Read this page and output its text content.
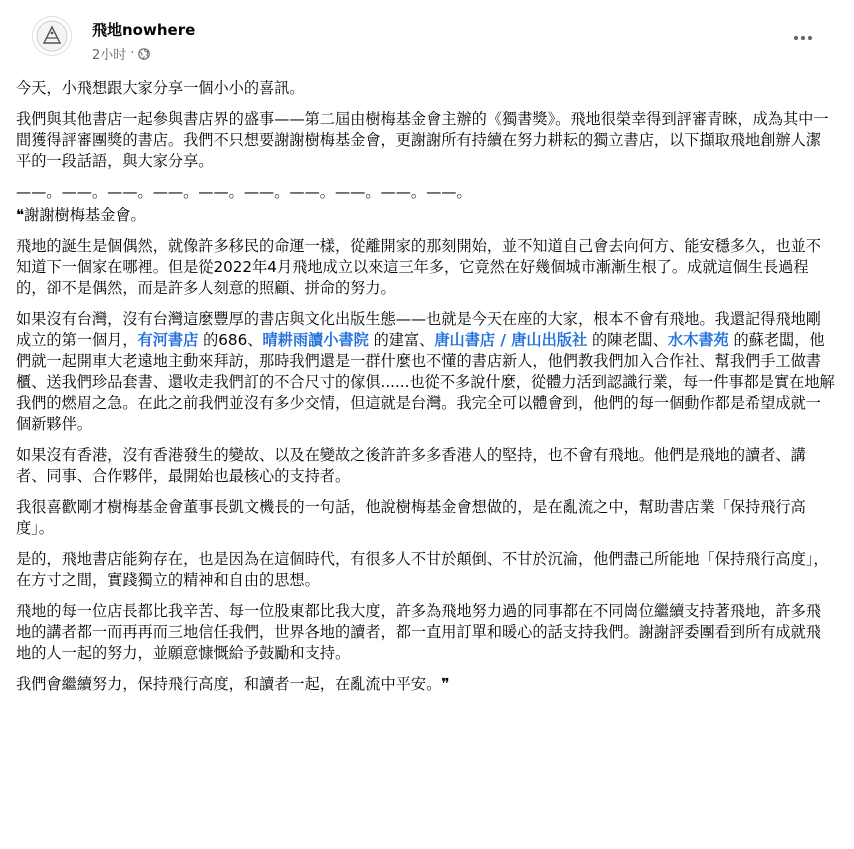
飛地nowhere
2小时 ·
今天，小飛想跟大家分享一個小小的喜訊。
我們與其他書店一起參與書店界的盛事——第二屆由樹梅基金會主辦的《獨書獎》。飛地很榮幸得到評審青睞，成為其中一間獲得評審團獎的書店。我們不只想要謝謝樹梅基金會，更謝謝所有持續在努力耕耘的獨立書店，以下擷取飛地創辦人潔平的一段話語，與大家分享。
——。——。——。——。——。——。——。——。——。——。
❝謝謝樹梅基金會。
飛地的誕生是個偶然，就像許多移民的命運一樣，從離開家的那刻開始，並不知道自己會去向何方、能安穩多久，也並不知道下一個家在哪裡。但是從2022年4月飛地成立以來這三年多，它竟然在好幾個城市漸漸生根了。成就這個生長過程的，卻不是偶然，而是許多人刻意的照顧、拼命的努力。
如果沒有台灣，沒有台灣這麼豐厚的書店與文化出版生態——也就是今天在座的大家，根本不會有飛地。我還記得飛地剛成立的第一個月，有河書店 的686、晴耕雨讀小書院 的建富、唐山書店 / 唐山出版社 的陳老闆、水木書苑 的蘇老闆，他們就一起開車大老遠地主動來拜訪，那時我們還是一群什麼也不懂的書店新人，他們教我們加入合作社、幫我們手工做書櫃、送我們珍品套書、還收走我們訂的不合尺寸的傢俱......也從不多說什麼，從體力活到認識行業，每一件事都是實在地解我們的燃眉之急。在此之前我們並沒有多少交情，但這就是台灣。我完全可以體會到，他們的每一個動作都是希望成就一個新夥伴。
如果沒有香港，沒有香港發生的變故、以及在變故之後許許多多香港人的堅持，也不會有飛地。他們是飛地的讀者、講者、同事、合作夥伴，最開始也最核心的支持者。
我很喜歡剛才樹梅基金會董事長凱文機長的一句話，他說樹梅基金會想做的，是在亂流之中，幫助書店業「保持飛行高度」。
是的，飛地書店能夠存在，也是因為在這個時代，有很多人不甘於顛倒、不甘於沉淪，他們盡己所能地「保持飛行高度」，在方寸之間，實踐獨立的精神和自由的思想。
飛地的每一位店長都比我辛苦、每一位股東都比我大度，許多為飛地努力過的同事都在不同崗位繼續支持著飛地，許多飛地的講者都一而再再而三地信任我們，世界各地的讀者，都一直用訂單和暖心的話支持我們。謝謝評委團看到所有成就飛地的人一起的努力，並願意慷慨給予鼓勵和支持。
我們會繼續努力，保持飛行高度，和讀者一起，在亂流中平安。❞
